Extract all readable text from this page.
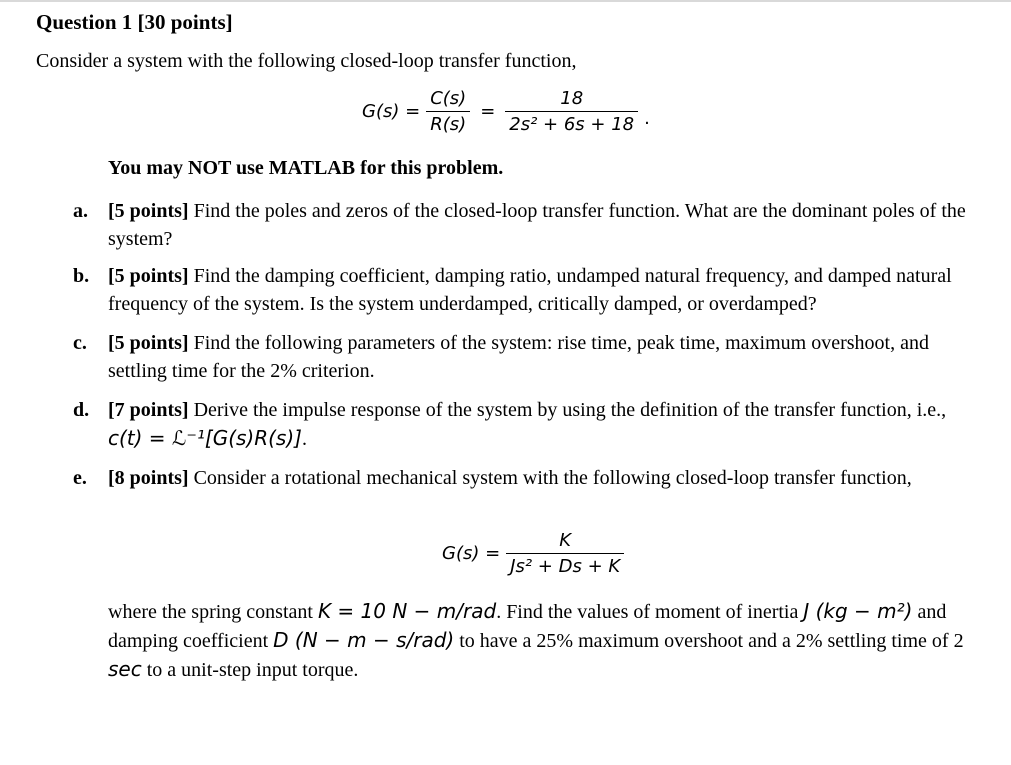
Question 1 [30 points]
Consider a system with the following closed-loop transfer function,
$G(s) = \frac{C(s)}{R(s)} = \frac{18}{\text{2s² + 6s + 18}}$ .
You may NOT use MATLAB for this problem.
a. [5 points] Find the poles and zeros of the closed-loop transfer function. What are the dominant poles of the system?
b. [5 points] Find the damping coefficient, damping ratio, undamped natural frequency, and damped natural frequency of the system. Is the system underdamped, critically damped, or overdamped?
c. [5 points] Find the following parameters of the system: rise time, peak time, maximum overshoot, and settling time for the 2% criterion.
d. [7 points] Derive the impulse response of the system by using the definition of the transfer function, i.e., c(t) = ℒ⁻¹[G(s)R(s)].
e. [8 points] Consider a rotational mechanical system with the following closed-loop transfer function,
$G(s) = \frac{K}{\text{Js² + Ds + K}}$
where the spring constant K = 10 N − m/rad. Find the values of moment of inertia J (kg − m²) and damping coefficient D (N − m − s/rad) to have a 25% maximum overshoot and a 2% settling time of 2 sec to a unit-step input torque.
